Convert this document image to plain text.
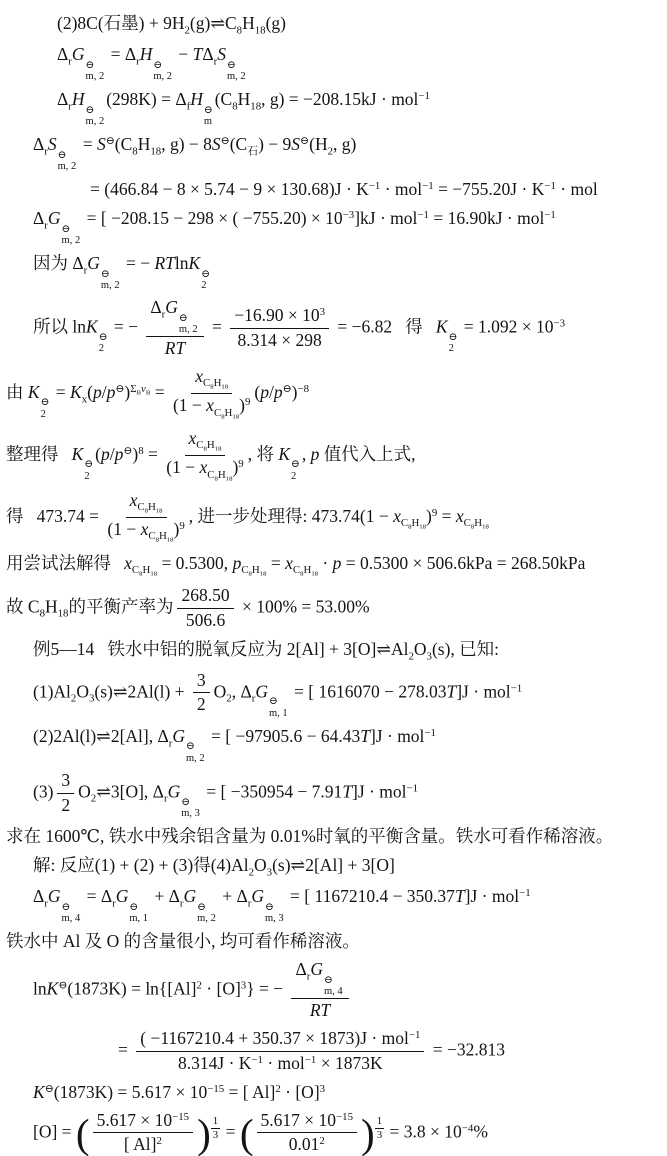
(2)8C(石墨) + $9H_2(g)\rightleftharpoons C_8H_{18}(g)$
$\Delta_rG$
⊖
m, 2
= $\Delta_rH$
⊖
m, 2
− $T\Delta_rS$
⊖
m, 2
$\Delta_rH$
⊖
m, 2
$(298K) = \Delta_fH$
⊖
m
($C_8H_{18}$, g) = −208.15kJ · mol$^{-1}$
$\Delta_rS$
⊖
m, 2
= $S^⊖(C_8H_{18}$, $g) - 8S^⊖(C_石) - 9S^⊖(H_2$, g)
= $(466.84 - 8 \times 5.74 - 9 \times 130.68)J \cdot K^{-1} \cdot mol^{-1} = -755.20J \cdot K^{-1}$ · mol
$\Delta_rG$
⊖
m, 2
= [ −208.15 − 298 × ( $-755.20) \times 10^{-3}]kJ \cdot mol^{-1} = 16.90kJ \cdot mol^{-1}$
因为 $\Delta_rG$
⊖
m, 2
= − RTlnK
⊖
2
所以 lnK
⊖
2
= − $\Delta_rG$
⊖
m, 2
RT = $\frac{-16.90 \times 10^3}{8.314 \times 298} = -6.82$   得   K
⊖
2
= $1.092 \times 10^{-3}$
由 K
⊖
2
= $K_x(p/p^⊖)^{\Sigma_B\nu_B} = \frac{x_{C_8H_{18}}}{(1 - x_{C_8H_{18}})^9} (p/p^⊖)^{-8}$
整理得   K
⊖
2
$(p/p^⊖)^8 = \frac{x_{C_8H_{18}}}{(1 - x_{C_8H_{18}})^9}$ , 将 K
⊖
2
, p 值代入上式,
得   $473.74 = \frac{x_{C_8H_{18}}}{(1 - x_{C_8H_{18}})^9}$ , 进一步处理得: $473.74(1 - x_{C_8H_{18}})^9 = x_{C_8H_{18}}$
用尝试法解得   $x_{C_8H_{18}} = 0.5300$, $p_{C_8H_{18}} = x_{C_8H_{18}} \cdot p = 0.5300 \times 506.6kPa = 268.50kPa$
故 $C_8H_{18}$的平衡产率为 $\frac{268.50}{506.6} \times 100\% = 53.00\%$
例5—14   铁水中铝的脱氧反应为 $2[Al] + 3[O]\rightleftharpoons Al_2O_3(s)$, 已知:
$(1)Al_2O_3(s)\rightleftharpoons 2Al(l) + \frac{3}{2} O_2$, $\Delta_rG$
⊖
m, 1
= [ 1616070 − 278.03T]J · mol$^{-1}$
(2)2Al(l)⇌2[Al], $\Delta_rG$
⊖
m, 2
= [ −97905.6 − 64.43T]J · mol$^{-1}$
$(3) \frac{3}{2}$ $O_2\rightleftharpoons 3[O]$, $\Delta_rG$
⊖
m, 3
= [ −350954 − 7.91T]J · mol$^{-1}$
求在 1600℃, 铁水中残余铝含量为 0.01%时氧的平衡含量。铁水可看作稀溶液。
解: 反应(1) + (2) + (3)得$(4)Al_2O_3(s)\rightleftharpoons 2[Al] + 3[O]$
$\Delta_rG$
⊖
m, 4
= $\Delta_rG$
⊖
m, 1
+ $\Delta_rG$
⊖
m, 2
+ $\Delta_rG$
⊖
m, 3
= [ 1167210.4 − 350.37T]J · mol$^{-1}$
铁水中 Al 及 O 的含量很小, 均可看作稀溶液。
$\ln K^⊖(1873K) = \ln\{[Al]^2 \cdot [O]^3\}$ = − $\Delta_rG$
⊖
m, 4
RT
= $\frac{( -1167210.4 + 350.37 \times 1873)J \cdot mol^{-1}}{8.314J \cdot K^{-1} \cdot mol^{-1} \times 1873K} = -32.813$
$K^⊖(1873K) = 5.617 \times 10^{-15}$ = [ $Al]^2 \cdot [O]^3$
[O] = ( $\frac{5.617 \times 10^{-15}}{[ Al]^2}$ ) $^{\frac{1}{3}}$ = ( $\frac{5.617 \times 10^{-15}}{0.01^2}$ ) $^{\frac{1}{3}} = 3.8 \times 10^{-4}\%$
